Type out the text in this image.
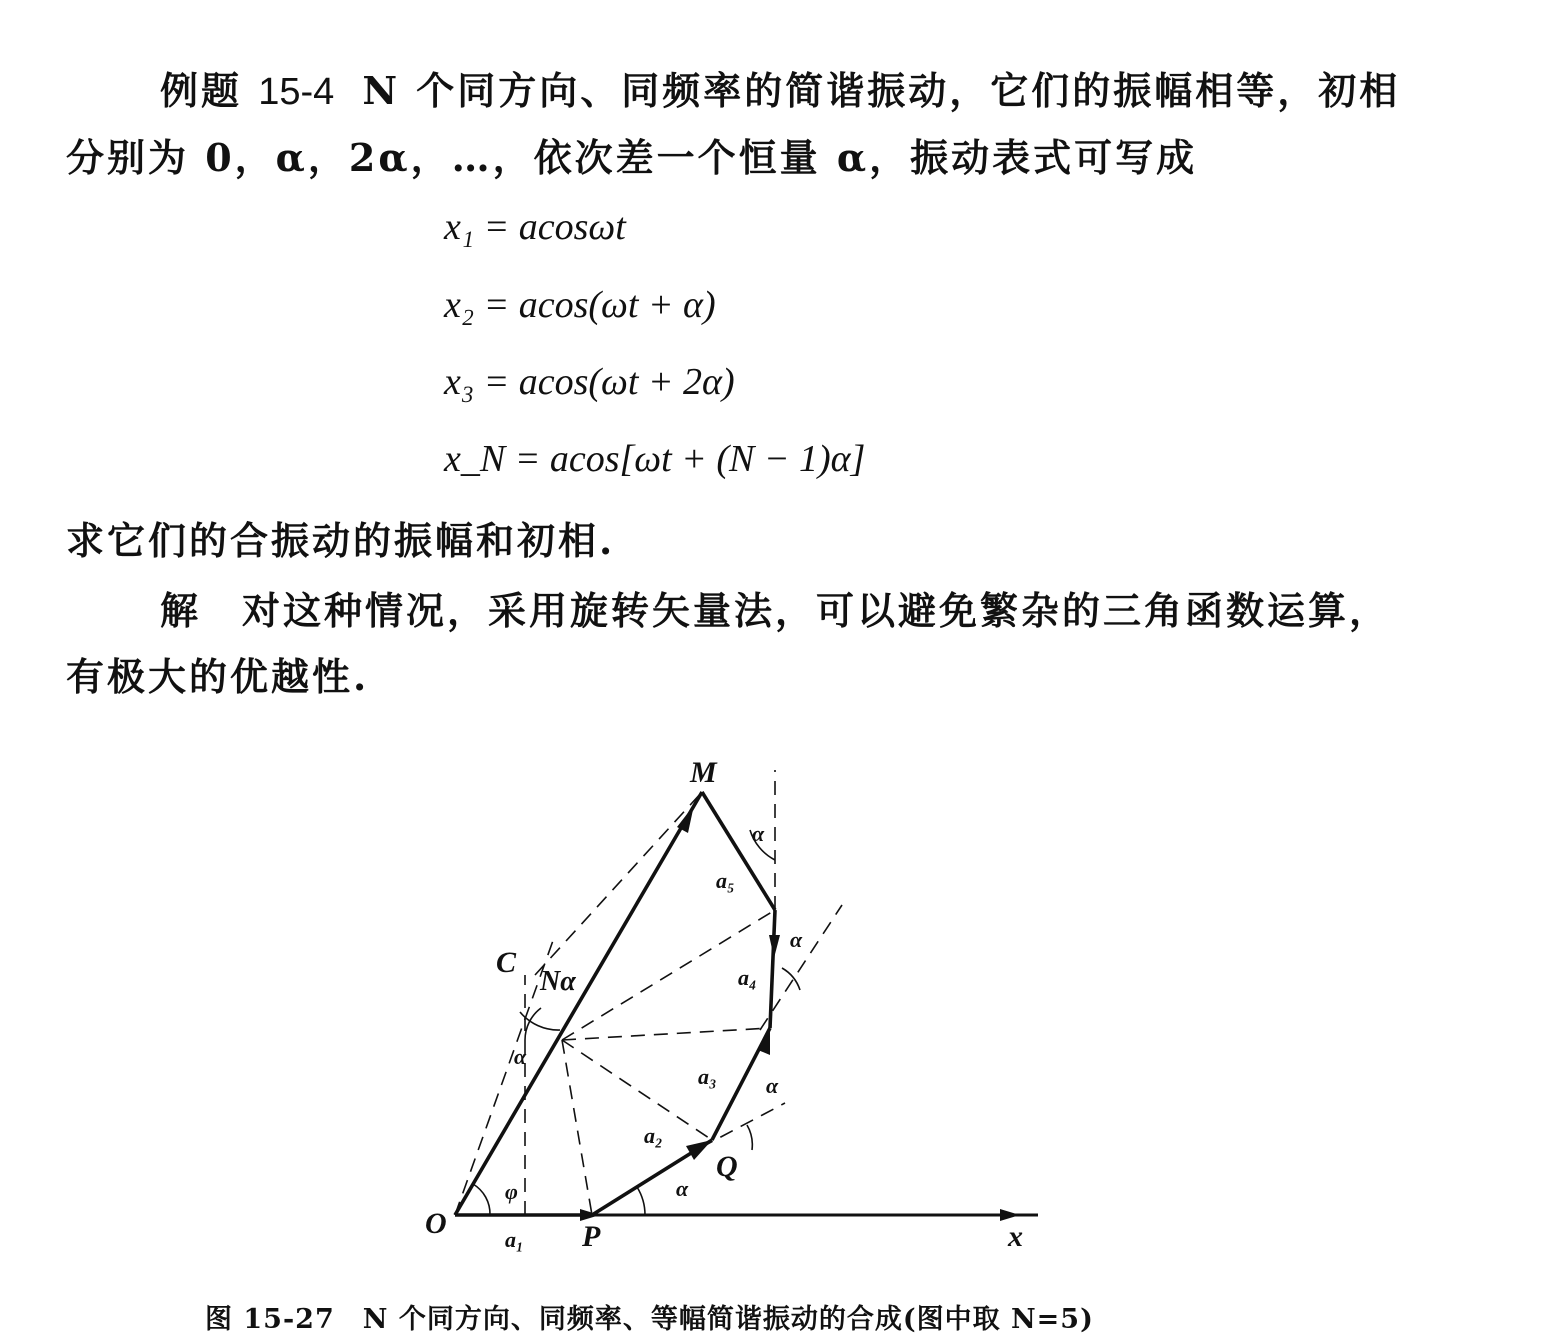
例题 15-4 N 个同方向、同频率的简谐振动，它们的振幅相等，初相分别为 0，α，2α，…，依次差一个恒量 α，振动表式可写成
x₁ = acosωt
x₂ = acos(ωt + α)
x₃ = acos(ωt + 2α)
x_N = acos[ωt + (N − 1)α]
求它们的合振动的振幅和初相.
解　 对这种情况，采用旋转矢量法，可以避免繁杂的三角函数运算，有极大的优越性.
M
C
O	P
Q
x
a₁
a₂
a₃
a₄
a₅
α
α
α
α
α
φ
Nα
图 15-27　N 个同方向、同频率、等幅简谐振动的合成(图中取 N=5)
